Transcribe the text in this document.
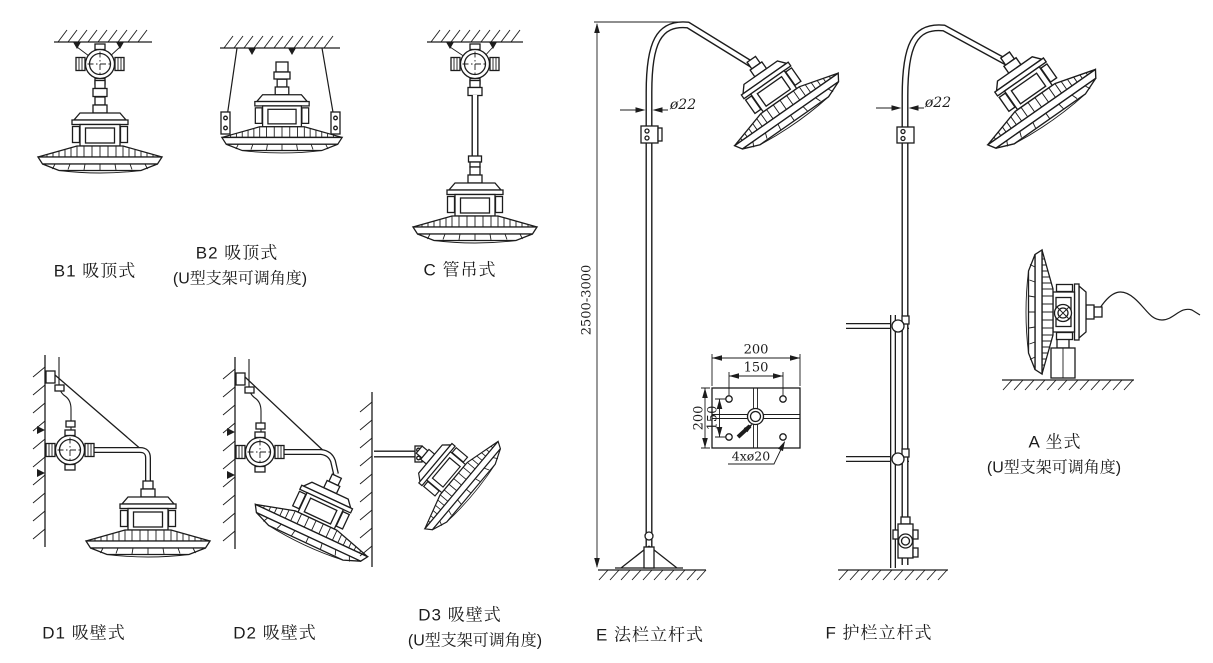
B1 吸顶式
B2 吸顶式
(U型支架可调角度)	C 管吊式
D1 吸壁式	D2 吸壁式
D3 吸壁式
(U型支架可调角度)	E 法栏立杆式	F 护栏立杆式
A 坐式
(U型支架可调角度)
2500-3000
ø22	ø22
200
150
200 150
4xø20
